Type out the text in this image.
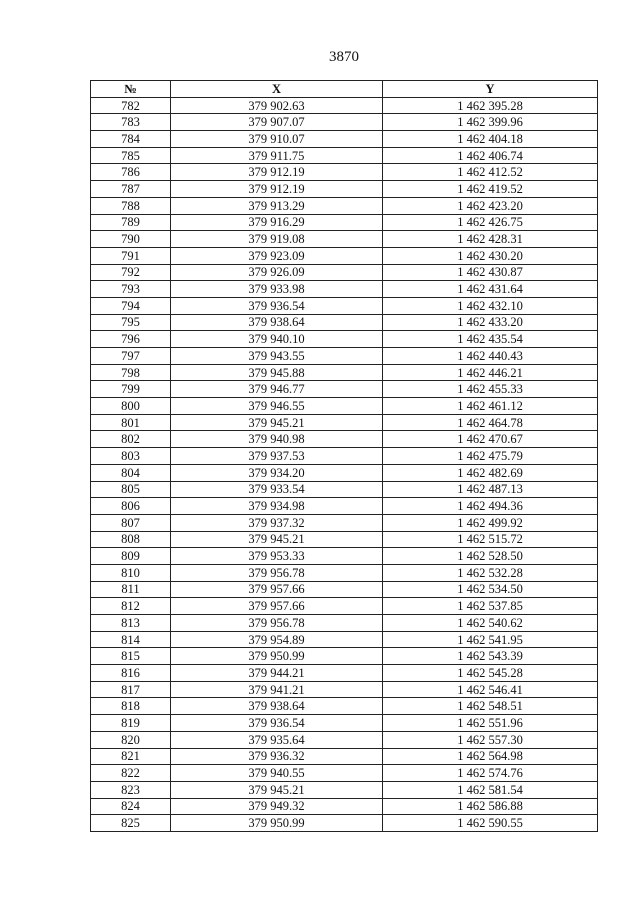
3870
№	X	Y
782	379 902.63	1 462 395.28
783	379 907.07	1 462 399.96
784	379 910.07	1 462 404.18
785	379 911.75	1 462 406.74
786	379 912.19	1 462 412.52
787	379 912.19	1 462 419.52
788	379 913.29	1 462 423.20
789	379 916.29	1 462 426.75
790	379 919.08	1 462 428.31
791	379 923.09	1 462 430.20
792	379 926.09	1 462 430.87
793	379 933.98	1 462 431.64
794	379 936.54	1 462 432.10
795	379 938.64	1 462 433.20
796	379 940.10	1 462 435.54
797	379 943.55	1 462 440.43
798	379 945.88	1 462 446.21
799	379 946.77	1 462 455.33
800	379 946.55	1 462 461.12
801	379 945.21	1 462 464.78
802	379 940.98	1 462 470.67
803	379 937.53	1 462 475.79
804	379 934.20	1 462 482.69
805	379 933.54	1 462 487.13
806	379 934.98	1 462 494.36
807	379 937.32	1 462 499.92
808	379 945.21	1 462 515.72
809	379 953.33	1 462 528.50
810	379 956.78	1 462 532.28
811	379 957.66	1 462 534.50
812	379 957.66	1 462 537.85
813	379 956.78	1 462 540.62
814	379 954.89	1 462 541.95
815	379 950.99	1 462 543.39
816	379 944.21	1 462 545.28
817	379 941.21	1 462 546.41
818	379 938.64	1 462 548.51
819	379 936.54	1 462 551.96
820	379 935.64	1 462 557.30
821	379 936.32	1 462 564.98
822	379 940.55	1 462 574.76
823	379 945.21	1 462 581.54
824	379 949.32	1 462 586.88
825	379 950.99	1 462 590.55
